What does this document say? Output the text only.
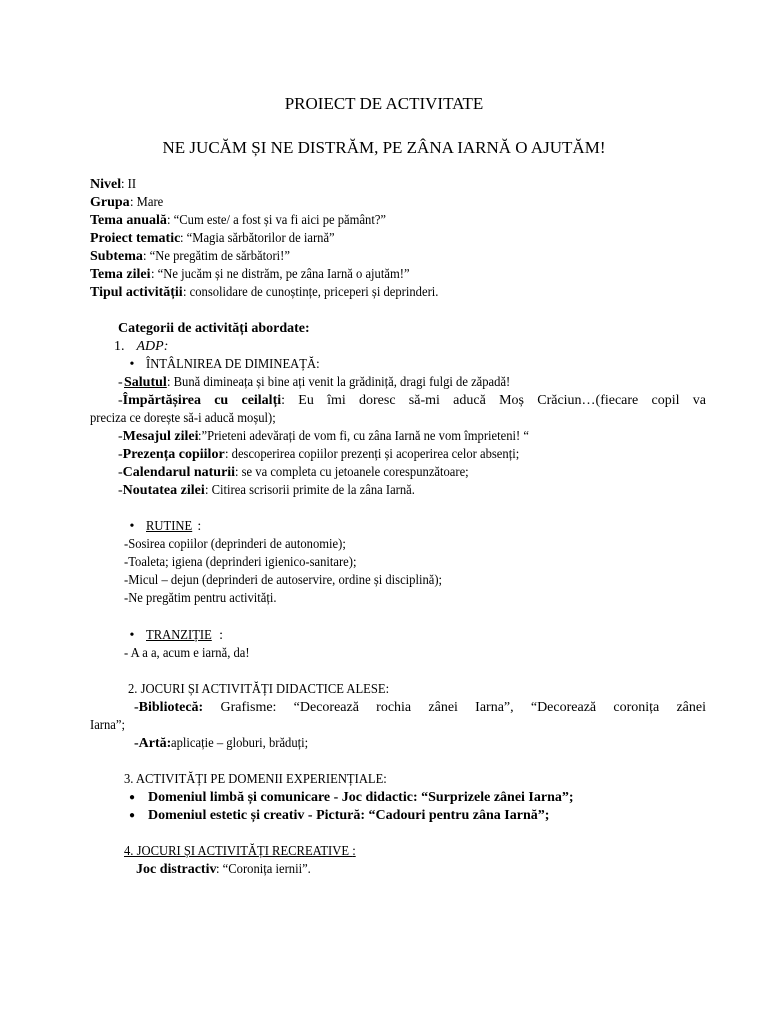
PROIECT DE ACTIVITATE
NE JUCĂM ȘI NE DISTRĂM, PE ZÂNA IARNĂ O AJUTĂM!
Nivel: II
Grupa: Mare
Tema anuală: “Cum este/ a fost și va fi aici pe pământ?”
Proiect tematic: “Magia sărbătorilor de iarnă”
Subtema: “Ne pregătim de sărbători!”
Tema zilei: “Ne jucăm și ne distrăm, pe zâna Iarnă o ajutăm!”
Tipul activității: consolidare de cunoștințe, priceperi și deprinderi.
Categorii de activități abordate:
1. ADP:
• ÎNTÂLNIREA DE DIMINEAȚĂ:
Salutul: Bună dimineața și bine ați venit la grădiniță, dragi fulgi de zăpadă!
-
-Împărtășirea cu ceilalți: Eu îmi doresc să-mi aducă Moș Crăciun…(fiecare copil va
preciza ce dorește să-i aducă moșul);
-Mesajul zilei:”Prieteni adevărați de vom fi, cu zâna Iarnă ne vom împrieteni! “
-Prezența copiilor: descoperirea copiilor prezenți și acoperirea celor absenți;
-Calendarul naturii: se va completa cu jetoanele corespunzătoare;
-Noutatea zilei: Citirea scrisorii primite de la zâna Iarnă.
• RUTINE :
-Sosirea copiilor (deprinderi de autonomie);
-Toaleta; igiena (deprinderi igienico-sanitare);
-Micul – dejun (deprinderi de autoservire, ordine și disciplină);
-Ne pregătim pentru activități.
• TRANZIȚIE :
- A a a, acum e iarnă, da!
2. JOCURI ȘI ACTIVITĂȚI DIDACTICE ALESE:
-Bibliotecă: Grafisme: “Decorează rochia zânei Iarna”, “Decorează coronița zânei
Iarna”;
-Artă:aplicație – globuri, brăduți;
3. ACTIVITĂȚI PE DOMENII EXPERIENȚIALE:
● Domeniul limbă și comunicare - Joc didactic: “Surprizele zânei Iarna”;
● Domeniul estetic și creativ - Pictură: “Cadouri pentru zâna Iarnă”;
4. JOCURI ȘI ACTIVITĂȚI RECREATIVE :
Joc distractiv: “Coronița iernii”.
